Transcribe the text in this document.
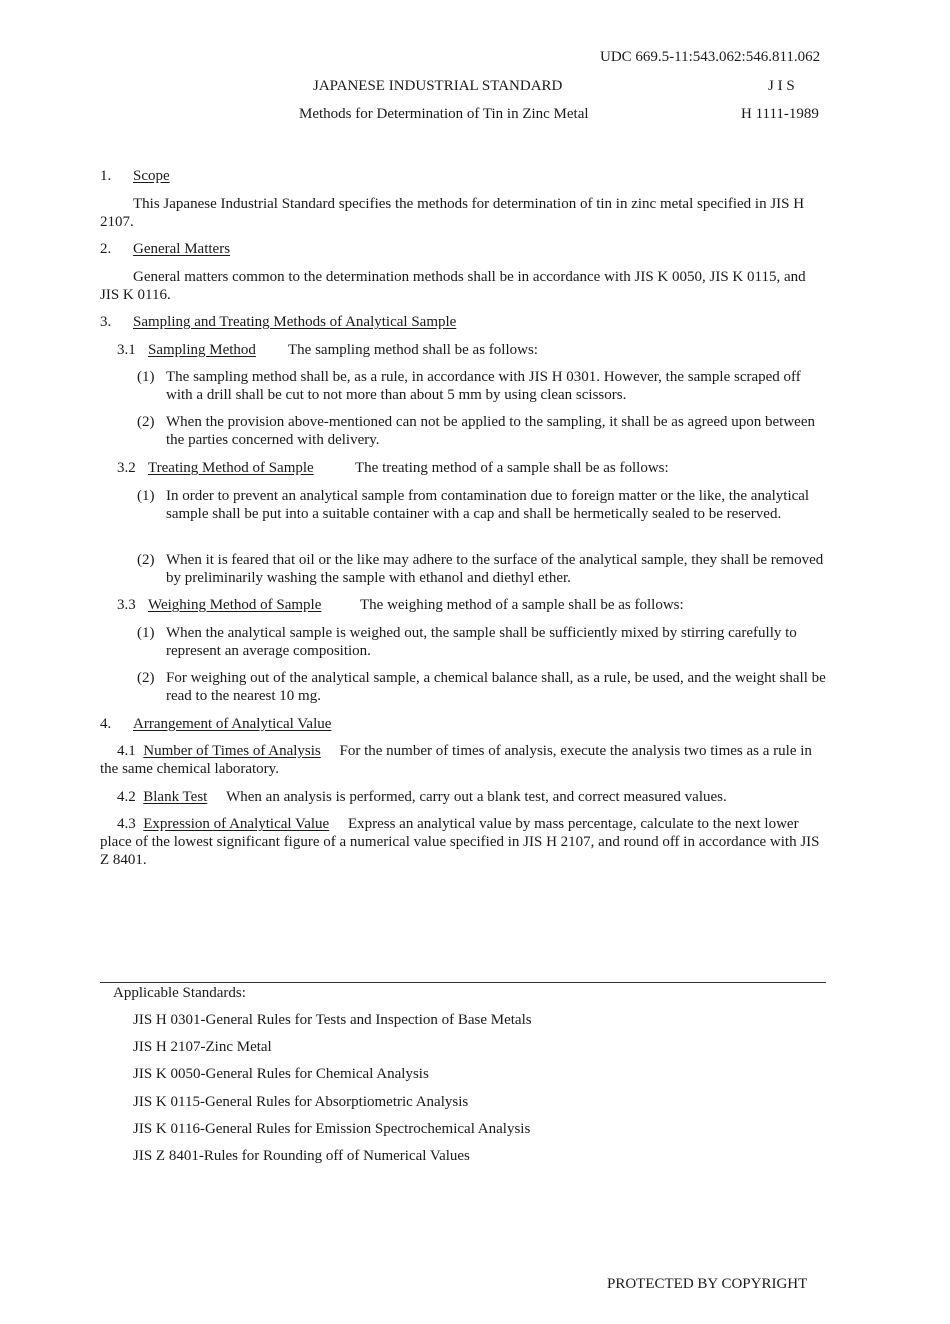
UDC 669.5-11:543.062:546.811.062
JAPANESE INDUSTRIAL STANDARD	J I S
Methods for Determination of Tin in Zinc Metal	H 1111-1989
1. Scope
This Japanese Industrial Standard specifies the methods for determination of tin in zinc metal specified in JIS H 2107.
2. General Matters
General matters common to the determination methods shall be in accordance with JIS K 0050, JIS K 0115, and JIS K 0116.
3. Sampling and Treating Methods of Analytical Sample
3.1 Sampling Method The sampling method shall be as follows:
(1) The sampling method shall be, as a rule, in accordance with JIS H 0301. However, the sample scraped off with a drill shall be cut to not more than about 5 mm by using clean scissors.
(2) When the provision above-mentioned can not be applied to the sampling, it shall be as agreed upon between the parties concerned with delivery.
3.2 Treating Method of Sample	The treating method of a sample shall be as follows:
(1) In order to prevent an analytical sample from contamination due to foreign matter or the like, the analytical sample shall be put into a suitable container with a cap and shall be hermetically sealed to be reserved.
(2) When it is feared that oil or the like may adhere to the surface of the analytical sample, they shall be removed by preliminarily washing the sample with ethanol and diethyl ether.
3.3 Weighing Method of Sample	The weighing method of a sample shall be as follows:
(1) When the analytical sample is weighed out, the sample shall be sufficiently mixed by stirring carefully to represent an average composition.
(2) For weighing out of the analytical sample, a chemical balance shall, as a rule, be used, and the weight shall be read to the nearest 10 mg.
4. Arrangement of Analytical Value
4.1 Number of Times of Analysis For the number of times of analysis, execute the analysis two times as a rule in the same chemical laboratory.
4.2 Blank Test When an analysis is performed, carry out a blank test, and correct measured values.
4.3 Expression of Analytical Value Express an analytical value by mass percentage, calculate to the next lower place of the lowest significant figure of a numerical value specified in JIS H 2107, and round off in accordance with JIS Z 8401.
Applicable Standards:
JIS H 0301-General Rules for Tests and Inspection of Base Metals
JIS H 2107-Zinc Metal
JIS K 0050-General Rules for Chemical Analysis
JIS K 0115-General Rules for Absorptiometric Analysis
JIS K 0116-General Rules for Emission Spectrochemical Analysis
JIS Z 8401-Rules for Rounding off of Numerical Values
PROTECTED BY COPYRIGHT
